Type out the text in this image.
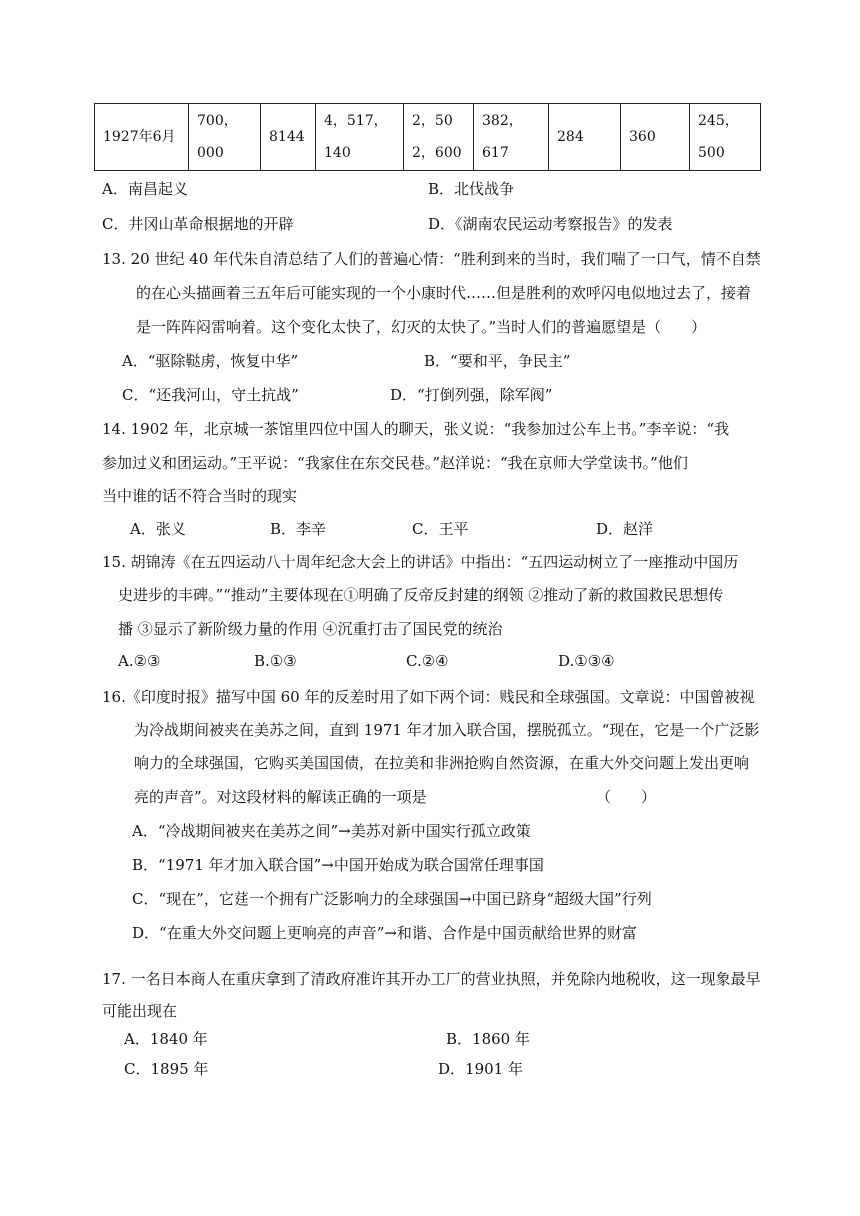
1927年6月	700，000	8144	4，517，140	2，502，600	382，617	284	360	245，500
A．南昌起义	B．北伐战争
C．井冈山革命根据地的开辟	D．《湖南农民运动考察报告》的发表
13. 20 世纪 40 年代朱自清总结了人们的普遍心情：“胜利到来的当时，我们喘了一口气，情不自禁
的在心头描画着三五年后可能实现的一个小康时代……但是胜利的欢呼闪电似地过去了，接着
是一阵阵闷雷响着。这个变化太快了，幻灭的太快了。”当时人们的普遍愿望是（　　）
A．“驱除鞑虏，恢复中华”	B．“要和平，争民主”
C．“还我河山，守土抗战”	D．“打倒列强，除军阀”
14. 1902 年，北京城一茶馆里四位中国人的聊天，张义说：“我参加过公车上书。”李辛说：“我
参加过义和团运动。”王平说：“我家住在东交民巷。”赵洋说：“我在京师大学堂读书。”他们
当中谁的话不符合当时的现实
A．张义	B．李辛	C．王平	D．赵洋
15. 胡锦涛《在五四运动八十周年纪念大会上的讲话》中指出：“五四运动树立了一座推动中国历
史进步的丰碑。”“推动”主要体现在①明确了反帝反封建的纲领 ②推动了新的救国救民思想传
播 ③显示了新阶级力量的作用 ④沉重打击了国民党的统治
A.②③	B.①③	C.②④	D.①③④
16.《印度时报》描写中国 60 年的反差时用了如下两个词：贱民和全球强国。文章说：中国曾被视
为冷战期间被夹在美苏之间，直到 1971 年才加入联合国，摆脱孤立。“现在，它是一个广泛影
响力的全球强国，它购买美国国债，在拉美和非洲抢购自然资源，在重大外交问题上发出更响
亮的声音”。对这段材料的解读正确的一项是	（　　）
A．“冷战期间被夹在美苏之间”→美苏对新中国实行孤立政策
B．“1971 年才加入联合国”→中国开始成为联合国常任理事国
C．“现在”，它莛一个拥有广泛影响力的全球强国→中国已跻身“超级大国”行列
D．“在重大外交问题上更响亮的声音”→和谐、合作是中国贡献给世界的财富
17. 一名日本商人在重庆拿到了清政府准许其开办工厂的营业执照，并免除内地税收，这一现象最早
可能出现在
A．1840 年	B．1860 年
C．1895 年	D．1901 年
